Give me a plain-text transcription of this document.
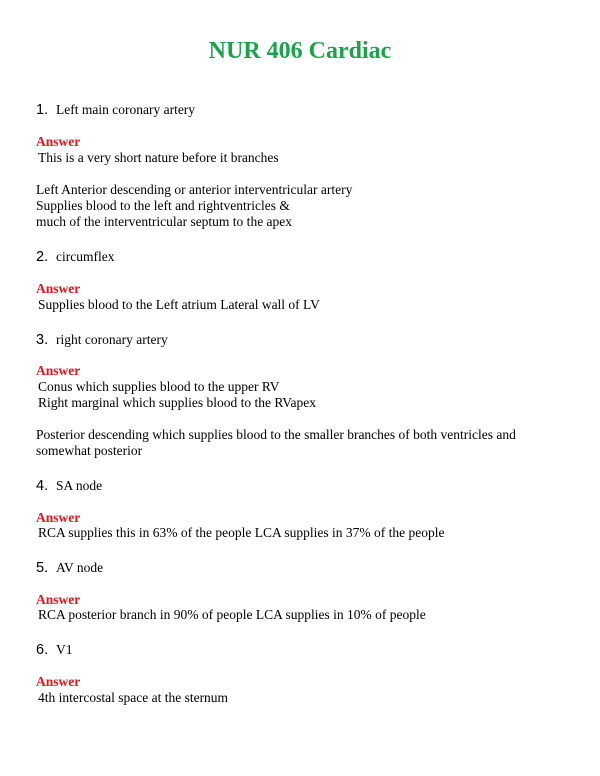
NUR 406 Cardiac
1. Left main coronary artery
Answer
This is a very short nature before it branches
Left Anterior descending or anterior interventricular artery
Supplies blood to the left and rightventricles &
much of the interventricular septum to the apex
2. circumflex
Answer
Supplies blood to the Left atrium Lateral wall of LV
3. right coronary artery
Answer
Conus which supplies blood to the upper RV
Right marginal which supplies blood to the RVapex
Posterior descending which supplies blood to the smaller branches of both ventricles and
somewhat posterior
4. SA node
Answer
RCA supplies this in 63% of the people LCA supplies in 37% of the people
5. AV node
Answer
RCA posterior branch in 90% of people LCA supplies in 10% of people
6. V1
Answer
4th intercostal space at the sternum
